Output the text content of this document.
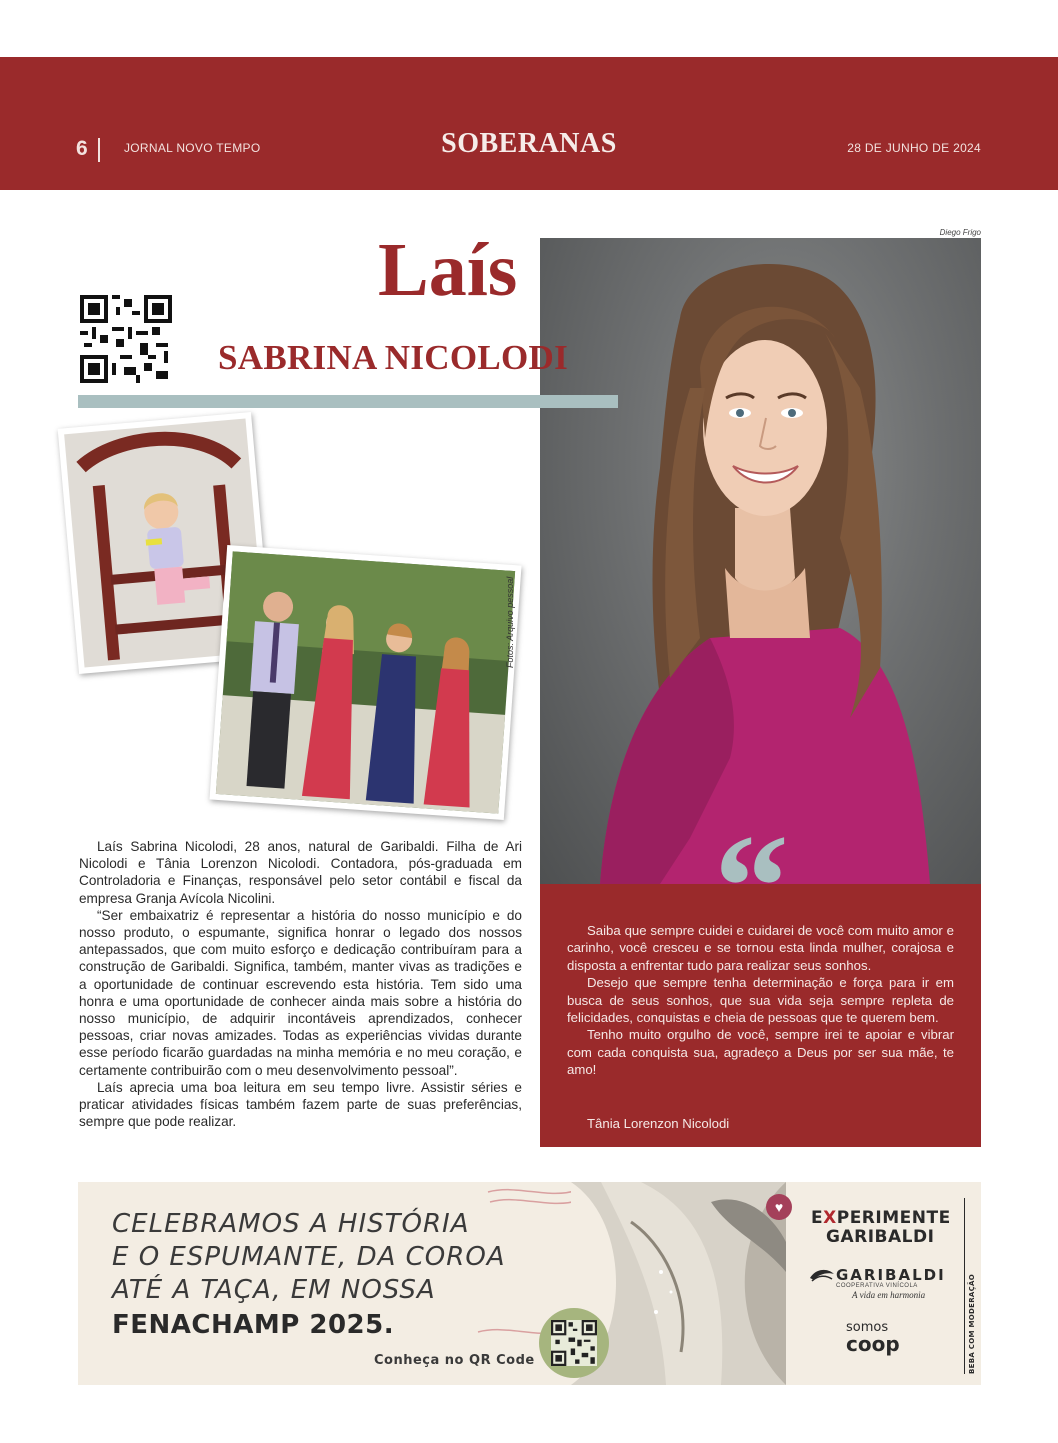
6	JORNAL NOVO TEMPO	SOBERANAS	28 DE JUNHO DE 2024
Diego Frigo
Laís
SABRINA NICOLODI
Fotos: Arquivo pessoal

Laís Sabrina Nicolodi, 28 anos, natural de Garibaldi. Filha de Ari Nicolodi e Tânia Lorenzon Nicolodi. Contadora, pós-graduada em Controladoria e Finanças, responsável pelo setor contábil e fiscal da empresa Granja Avícola Nicolini.

“Ser embaixatriz é representar a história do nosso município e do nosso produto, o espumante, significa honrar o legado dos nossos antepassados, que com muito esforço e dedicação contribuíram para a construção de Garibaldi. Significa, também, manter vivas as tradições e a oportunidade de continuar escrevendo esta história. Tem sido uma honra e uma oportunidade de conhecer ainda mais sobre a história do nosso município, de adquirir incontáveis aprendizados, conhecer pessoas, criar novas amizades. Todas as experiências vividas durante esse período ficarão guardadas na minha memória e no meu coração, e certamente contribuirão com o meu desenvolvimento pessoal”.

Laís aprecia uma boa leitura em seu tempo livre. Assistir séries e praticar atividades físicas também fazem parte de suas preferências, sempre que pode realizar.

“

Saiba que sempre cuidei e cuidarei de você com muito amor e carinho, você cresceu e se tornou esta linda mulher, corajosa e disposta a enfrentar tudo para realizar seus sonhos.

Desejo que sempre tenha determinação e força para ir em busca de seus sonhos, que sua vida seja sempre repleta de felicidades, conquistas e cheia de pessoas que te querem bem.

Tenho muito orgulho de você, sempre irei te apoiar e vibrar com cada conquista sua, agradeço a Deus por ser sua mãe, te amo!

Tânia Lorenzon Nicolodi
CELEBRAMOS A HISTÓRIA
E O ESPUMANTE, DA COROA
ATÉ A TAÇA, EM NOSSA
FENACHAMP 2025.
Conheça no QR Code
♥
EXPERIMENTE
GARIBALDI
GARIBALDI
COOPERATIVA VINÍCOLA
A vida em harmonia
somos
coop	BEBA COM MODERAÇÃO
